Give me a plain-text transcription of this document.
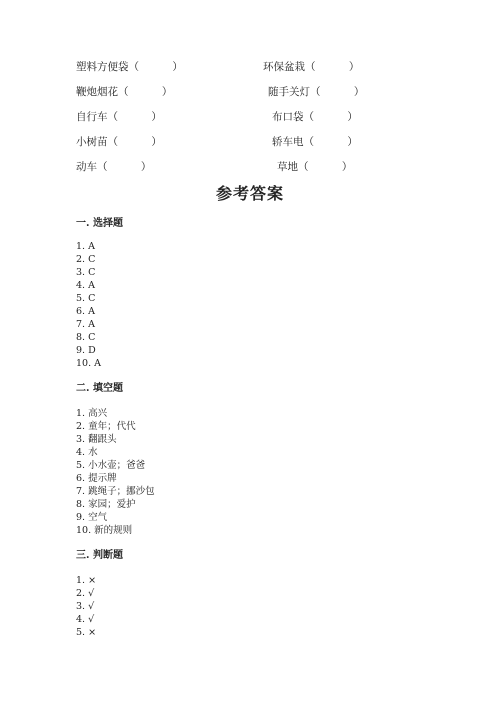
塑料方便袋（          ）	环保盆栽（          ）
鞭炮烟花（          ）	随手关灯（          ）
自行车（          ）	布口袋（          ）
小树苗（          ）	轿车电（          ）
动车（          ）	草地（          ）
参考答案
一. 选择题
1. A
2. C
3. C
4. A
5. C
6. A
7. A
8. C
9. D
10. A
二. 填空题
1. 高兴
2. 童年；代代
3. 翻跟头
4. 水
5. 小水壶；爸爸
6. 提示牌
7. 跳绳子；挪沙包
8. 家园；爱护
9. 空气
10. 新的规则
三. 判断题
1. ×
2. √
3. √
4. √
5. ×
